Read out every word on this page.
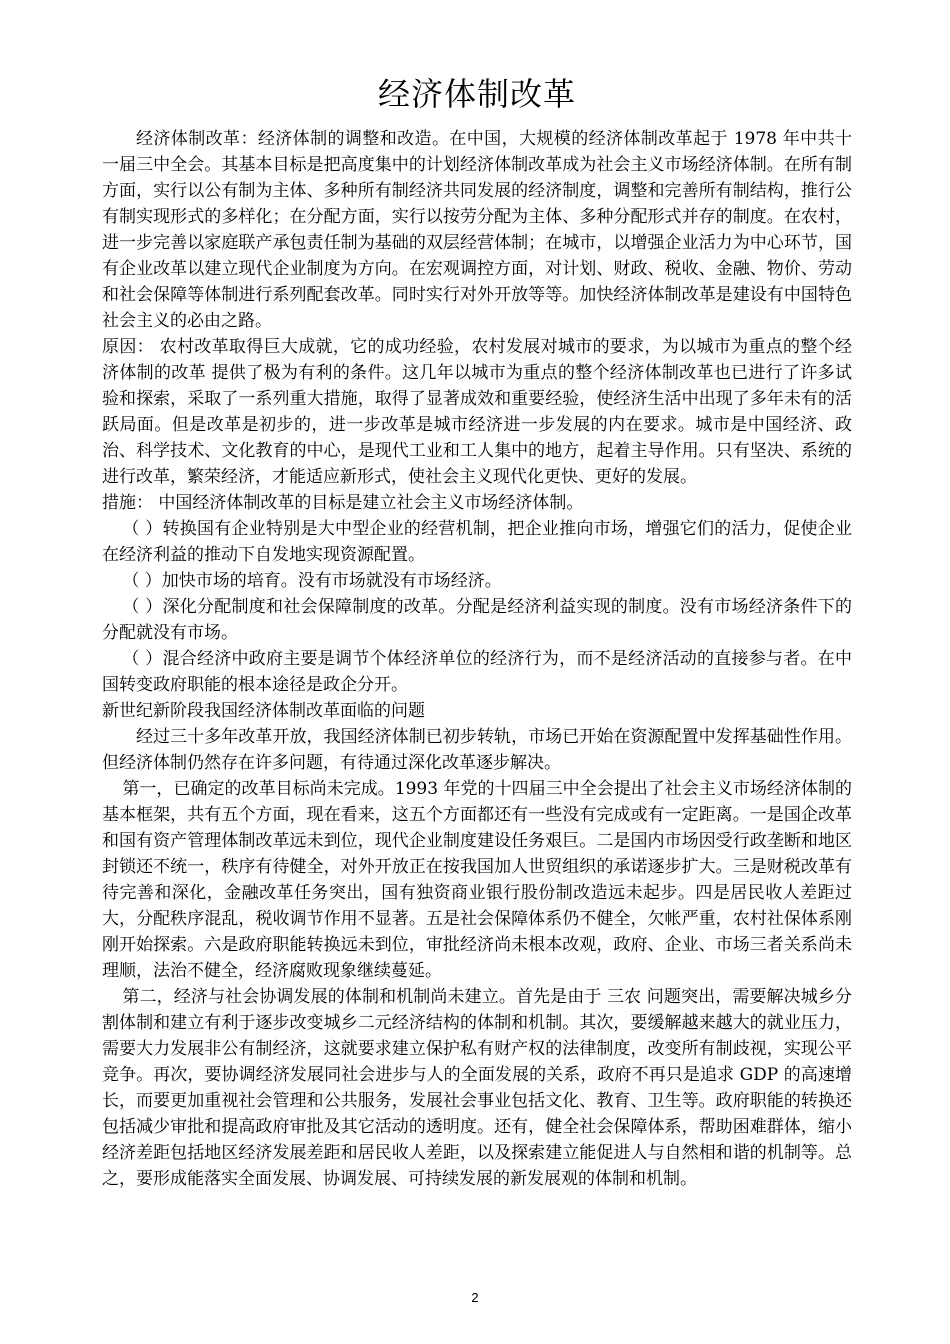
经济体制改革

经济体制改革：经济体制的调整和改造。在中国，大规模的经济体制改革起于 1978 年中共十一届三中全会。其基本目标是把高度集中的计划经济体制改革成为社会主义市场经济体制。在所有制方面，实行以公有制为主体、多种所有制经济共同发展的经济制度，调整和完善所有制结构，推行公有制实现形式的多样化；在分配方面，实行以按劳分配为主体、多种分配形式并存的制度。在农村，进一步完善以家庭联产承包责任制为基础的双层经营体制；在城市，以增强企业活力为中心环节，国有企业改革以建立现代企业制度为方向。在宏观调控方面，对计划、财政、税收、金融、物价、劳动和社会保障等体制进行系列配套改革。同时实行对外开放等等。加快经济体制改革是建设有中国特色社会主义的必由之路。

原因： 农村改革取得巨大成就，它的成功经验，农村发展对城市的要求，为以城市为重点的整个经济体制的改革 提供了极为有利的条件。这几年以城市为重点的整个经济体制改革也已进行了许多试验和探索，采取了一系列重大措施，取得了显著成效和重要经验，使经济生活中出现了多年未有的活跃局面。但是改革是初步的，进一步改革是城市经济进一步发展的内在要求。城市是中国经济、政治、科学技术、文化教育的中心，是现代工业和工人集中的地方，起着主导作用。只有坚决、系统的进行改革，繁荣经济，才能适应新形式，使社会主义现代化更快、更好的发展。

措施： 中国经济体制改革的目标是建立社会主义市场经济体制。

（ ）转换国有企业特别是大中型企业的经营机制，把企业推向市场，增强它们的活力，促使企业在经济利益的推动下自发地实现资源配置。

（ ）加快市场的培育。没有市场就没有市场经济。

（ ）深化分配制度和社会保障制度的改革。分配是经济利益实现的制度。没有市场经济条件下的分配就没有市场。

（ ）混合经济中政府主要是调节个体经济单位的经济行为，而不是经济活动的直接参与者。在中国转变政府职能的根本途径是政企分开。

新世纪新阶段我国经济体制改革面临的问题

经过三十多年改革开放，我国经济体制已初步转轨，市场已开始在资源配置中发挥基础性作用。但经济体制仍然存在许多问题，有待通过深化改革逐步解决。

第一，已确定的改革目标尚未完成。1993 年党的十四届三中全会提出了社会主义市场经济体制的基本框架，共有五个方面，现在看来，这五个方面都还有一些没有完成或有一定距离。一是国企改革和国有资产管理体制改革远未到位，现代企业制度建设任务艰巨。二是国内市场因受行政垄断和地区封锁还不统一，秩序有待健全，对外开放正在按我国加人世贸组织的承诺逐步扩大。三是财税改革有待完善和深化，金融改革任务突出，国有独资商业银行股份制改造远未起步。四是居民收人差距过大，分配秩序混乱，税收调节作用不显著。五是社会保障体系仍不健全，欠帐严重，农村社保体系刚刚开始探索。六是政府职能转换远未到位，审批经济尚未根本改观，政府、企业、市场三者关系尚未理顺，法治不健全，经济腐败现象继续蔓延。

第二，经济与社会协调发展的体制和机制尚未建立。首先是由于 三农 问题突出，需要解决城乡分割体制和建立有利于逐步改变城乡二元经济结构的体制和机制。其次，要缓解越来越大的就业压力，需要大力发展非公有制经济，这就要求建立保护私有财产权的法律制度，改变所有制歧视，实现公平竞争。再次，要协调经济发展同社会进步与人的全面发展的关系，政府不再只是追求 GDP 的高速增长，而要更加重视社会管理和公共服务，发展社会事业包括文化、教育、卫生等。政府职能的转换还包括减少审批和提高政府审批及其它活动的透明度。还有，健全社会保障体系，帮助困难群体，缩小经济差距包括地区经济发展差距和居民收人差距，以及探索建立能促进人与自然相和谐的机制等。总之，要形成能落实全面发展、协调发展、可持续发展的新发展观的体制和机制。

2
